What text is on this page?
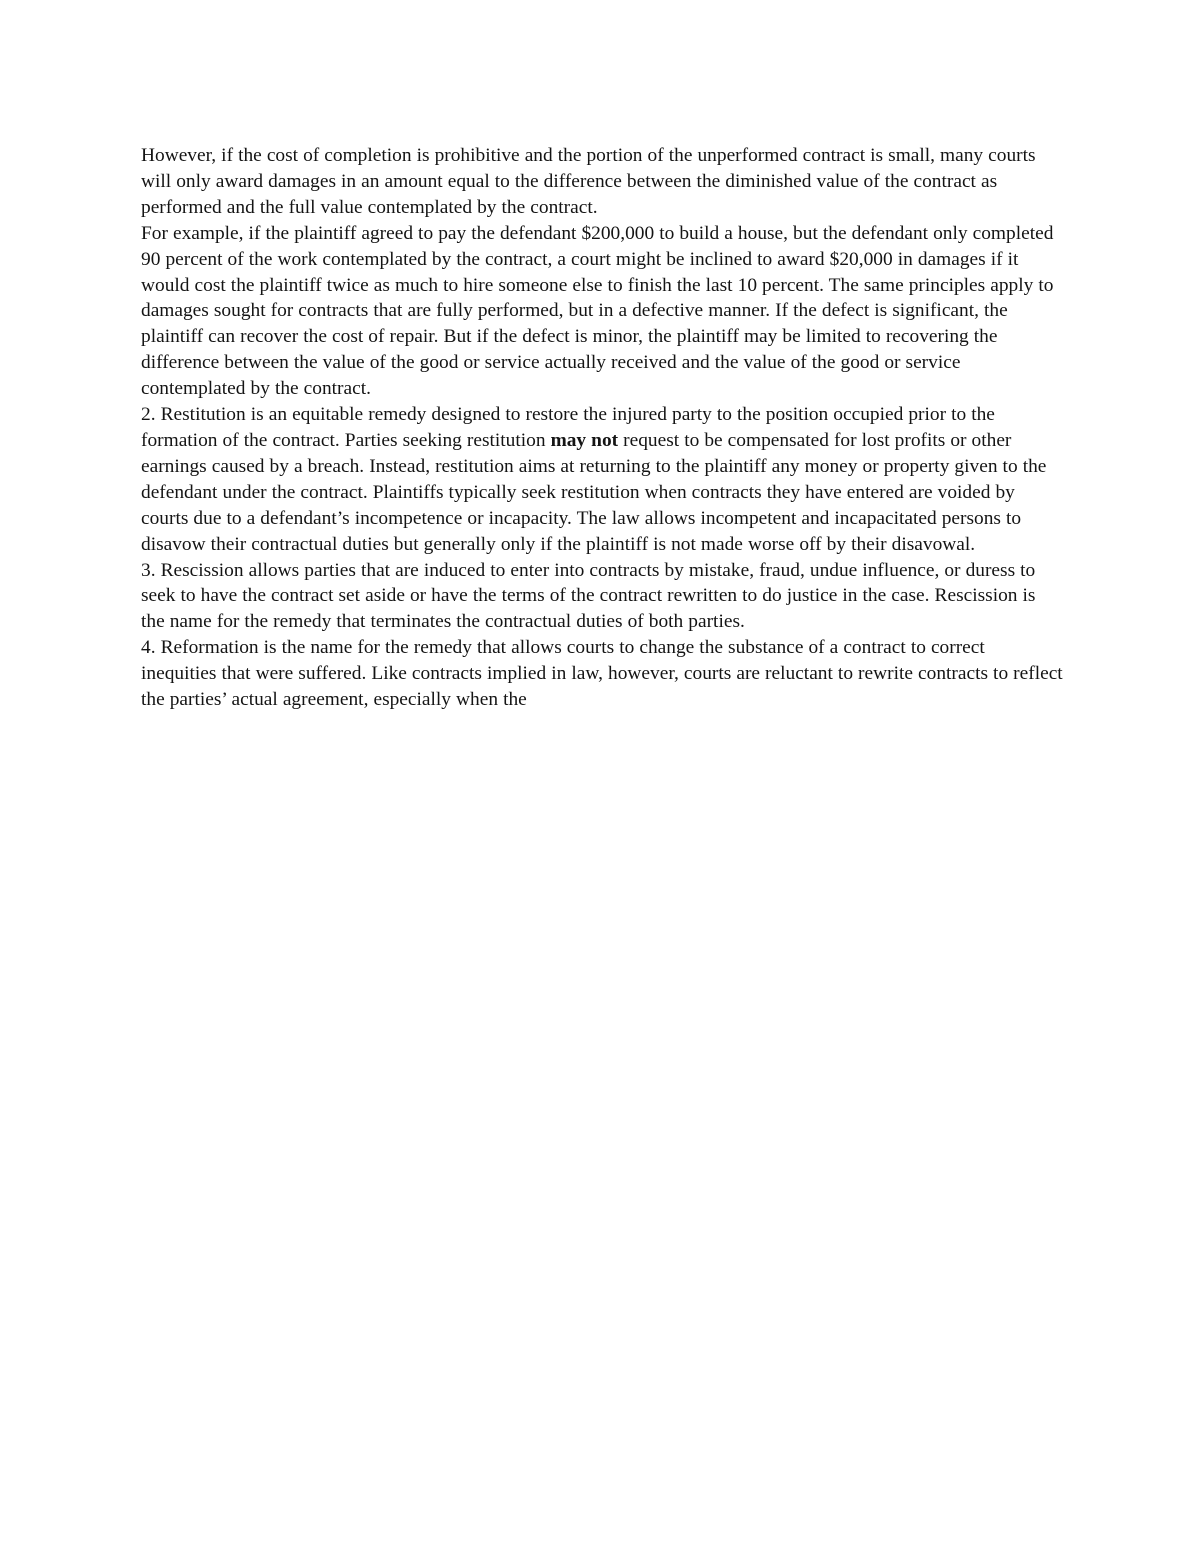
However, if the cost of completion is prohibitive and the portion of the unperformed contract is small, many courts will only award damages in an amount equal to the difference between the diminished value of the contract as performed and the full value contemplated by the contract.

For example, if the plaintiff agreed to pay the defendant $200,000 to build a house, but the defendant only completed 90 percent of the work contemplated by the contract, a court might be inclined to award $20,000 in damages if it would cost the plaintiff twice as much to hire someone else to finish the last 10 percent. The same principles apply to damages sought for contracts that are fully performed, but in a defective manner. If the defect is significant, the plaintiff can recover the cost of repair. But if the defect is minor, the plaintiff may be limited to recovering the difference between the value of the good or service actually received and the value of the good or service contemplated by the contract.

2. Restitution is an equitable remedy designed to restore the injured party to the position occupied prior to the formation of the contract. Parties seeking restitution may not request to be compensated for lost profits or other earnings caused by a breach. Instead, restitution aims at returning to the plaintiff any money or property given to the defendant under the contract. Plaintiffs typically seek restitution when contracts they have entered are voided by courts due to a defendant’s incompetence or incapacity. The law allows incompetent and incapacitated persons to disavow their contractual duties but generally only if the plaintiff is not made worse off by their disavowal.

3. Rescission allows parties that are induced to enter into contracts by mistake, fraud, undue influence, or duress to seek to have the contract set aside or have the terms of the contract rewritten to do justice in the case. Rescission is the name for the remedy that terminates the contractual duties of both parties.

4. Reformation is the name for the remedy that allows courts to change the substance of a contract to correct inequities that were suffered. Like contracts implied in law, however, courts are reluctant to rewrite contracts to reflect the parties’ actual agreement, especially when the
